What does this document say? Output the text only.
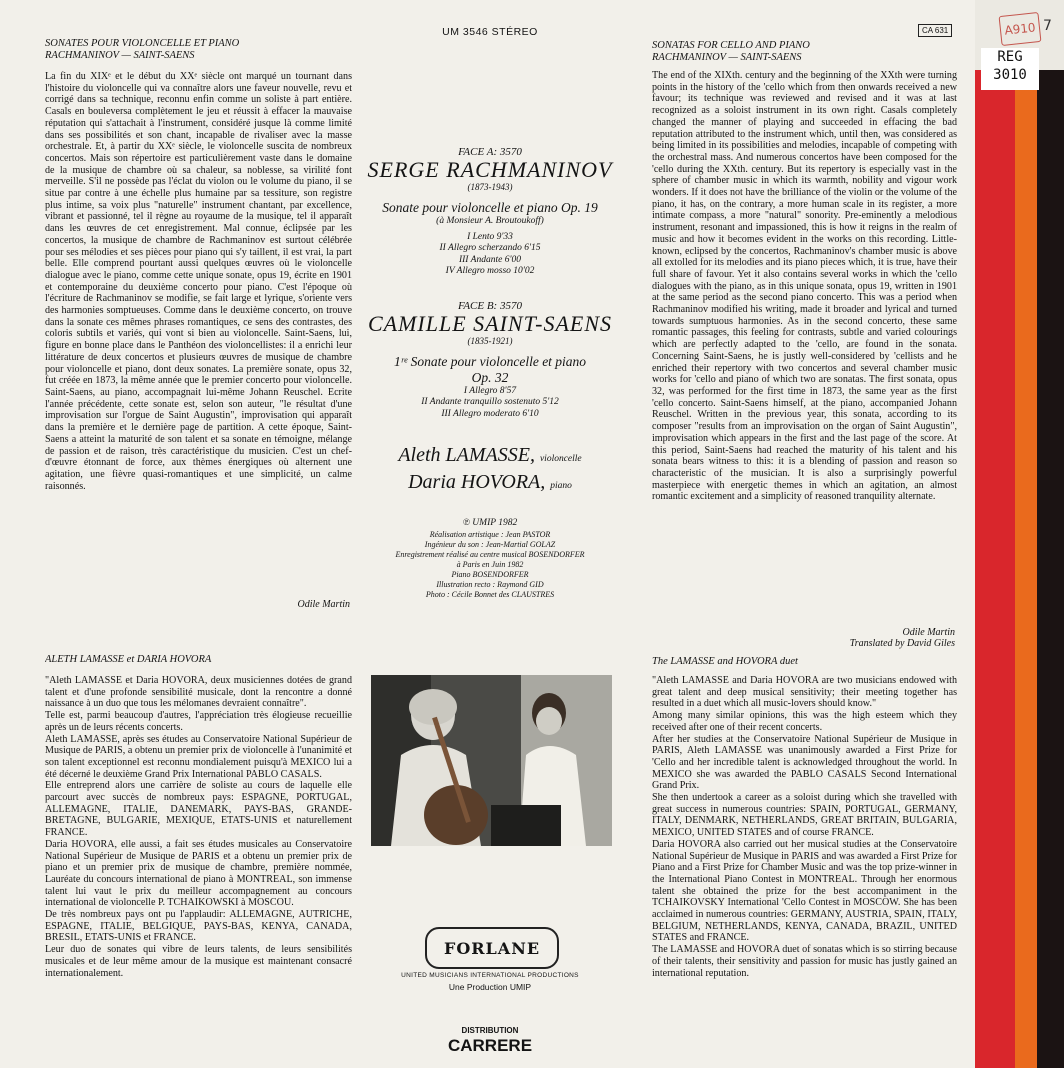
SONATES POUR VIOLONCELLE ET PIANO

RACHMANINOV — SAINT-SAENS

La fin du XIXᵉ et le début du XXᵉ siècle ont marqué un tournant dans l'histoire du violoncelle qui va connaître alors une faveur nouvelle, revu et corrigé dans sa technique, reconnu enfin comme un soliste à part entière. Casals en bouleversa complètement le jeu et réussit à effacer la mauvaise réputation qui s'attachait à l'instrument, considéré jusque là comme limité dans ses possibilités et son chant, incapable de rivaliser avec la masse orchestrale. Et, à partir du XXᵉ siècle, le violoncelle suscita de nombreux concertos. Mais son répertoire est particulièrement vaste dans le domaine de la musique de chambre où sa chaleur, sa noblesse, sa virilité font merveille. S'il ne possède pas l'éclat du violon ou le volume du piano, il se situe par contre à une échelle plus humaine par sa tessiture, son registre plus intime, sa voix plus "naturelle" instrument chantant, par excellence, vibrant et passionné, tel il règne au royaume de la musique, tel il apparaît dans les œuvres de cet enregistrement. Mal connue, éclipsée par les concertos, la musique de chambre de Rachmaninov est surtout célébrée pour ses mélodies et ses pièces pour piano qui s'y taillent, il est vrai, la part belle. Elle comprend pourtant aussi quelques œuvres où le violoncelle dialogue avec le piano, comme cette unique sonate, opus 19, écrite en 1901 et contemporaine du deuxième concerto pour piano. C'est l'époque où l'écriture de Rachmaninov se modifie, se fait large et lyrique, s'oriente vers des harmonies somptueuses. Comme dans le deuxième concerto, on trouve dans la sonate ces mêmes phrases romantiques, ce sens des contrastes, des coloris subtils et variés, qui vont si bien au violoncelle. Saint-Saens, lui, figure en bonne place dans le Panthéon des violoncellistes: il a enrichi leur littérature de deux concertos et plusieurs œuvres de musique de chambre pour violoncelle et piano, dont deux sonates. La première sonate, opus 32, fut créée en 1873, la même année que le premier concerto pour violoncelle. Saint-Saens, au piano, accompagnait lui-même Johann Reuschel. Ecrite l'année précédente, cette sonate est, selon son auteur, "le résultat d'une improvisation sur l'orgue de Saint Augustin", improvisation qui apparaît dans la première et le dernière page de partition. A cette époque, Saint-Saens a atteint la maturité de son talent et sa sonate en témoigne, mélange de passion et de raison, très caractéristique du musicien. C'est un chef-d'œuvre étonnant de force, aux thèmes énergiques où alternent une agitation, une fièvre quasi-romantiques et une simplicité, un calme raisonnés.

Odile Martin

ALETH LAMASSE et DARIA HOVORA

"Aleth LAMASSE et Daria HOVORA, deux musiciennes dotées de grand talent et d'une profonde sensibilité musicale, dont la rencontre a donné naissance à un duo que tous les mélomanes devraient connaître".

Telle est, parmi beaucoup d'autres, l'appréciation très élogieuse recueillie après un de leurs récents concerts.

Aleth LAMASSE, après ses études au Conservatoire National Supérieur de Musique de PARIS, a obtenu un premier prix de violoncelle à l'unanimité et son talent exceptionnel est reconnu mondialement puisqu'à MEXICO lui a été décerné le deuxième Grand Prix International PABLO CASALS.

Elle entreprend alors une carrière de soliste au cours de laquelle elle parcourt avec succès de nombreux pays: ESPAGNE, PORTUGAL, ALLEMAGNE, ITALIE, DANEMARK, PAYS-BAS, GRANDE-BRETAGNE, BULGARIE, MEXIQUE, ETATS-UNIS et naturellement FRANCE.

Daria HOVORA, elle aussi, a fait ses études musicales au Conservatoire National Supérieur de Musique de PARIS et a obtenu un premier prix de piano et un premier prix de musique de chambre, première nommée, Lauréate du concours international de piano à MONTREAL, son immense talent lui vaut le prix du meilleur accompagnement au concours international de violoncelle P. TCHAIKOWSKI à MOSCOU.

De très nombreux pays ont pu l'applaudir: ALLEMAGNE, AUTRICHE, ESPAGNE, ITALIE, BELGIQUE, PAYS-BAS, KENYA, CANADA, BRESIL, ETATS-UNIS et FRANCE.

Leur duo de sonates qui vibre de leurs talents, de leurs sensibilités musicales et de leur même amour de la musique est maintenant consacré internationalement.

UM 3546 STÉREO
FACE A: 3570
SERGE RACHMANINOV
(1873-1943)
Sonate pour violoncelle et piano Op. 19
(à Monsieur A. Broutoukoff)
I Lento 9'33
II Allegro scherzando 6'15
III Andante 6'00
IV Allegro mosso 10'02
FACE B: 3570
CAMILLE SAINT-SAENS
(1835-1921)
1ʳᵉ Sonate pour violoncelle et piano
Op. 32
I Allegro 8'57
II Andante tranquillo sostenuto 5'12
III Allegro moderato 6'10
Aleth LAMASSE, violoncelle
Daria HOVORA, piano
℗ UMIP 1982
Réalisation artistique : Jean PASTOR
Ingénieur du son : Jean-Martial GOLAZ
Enregistrement réalisé au centre musical BOSENDORFER
à Paris en Juin 1982
Piano BOSENDORFER
Illustration recto : Raymond GID
Photo : Cécile Bonnet des CLAUSTRES
FORLANE
UNITED MUSICIANS INTERNATIONAL PRODUCTIONS
Une Production UMIP
DISTRIBUTION
CARRERE
CA 631

SONATAS FOR CELLO AND PIANO

RACHMANINOV — SAINT-SAENS

The end of the XIXth. century and the beginning of the XXth were turning points in the history of the 'cello which from then onwards received a new favour; its technique was reviewed and revised and it was at last recognized as a soloist instrument in its own right. Casals completely changed the manner of playing and succeeded in effacing the bad reputation attributed to the instrument which, until then, was considered as being limited in its possibilities and melodies, incapable of competing with the orchestral mass. And numerous concertos have been composed for the 'cello during the XXth. century. But its repertory is especially vast in the sphere of chamber music in which its warmth, nobility and vigour work wonders. If it does not have the brilliance of the violin or the volume of the piano, it has, on the contrary, a more human scale in its register, a more intimate compass, a more "natural" sonority. Pre-eminently a melodious instrument, resonant and impassioned, this is how it reigns in the realm of music and how it becomes evident in the works on this recording. Little-known, eclipsed by the concertos, Rachmaninov's chamber music is above all extolled for its melodies and its piano pieces which, it is true, have their full share of favour. Yet it also contains several works in which the 'cello dialogues with the piano, as in this unique sonata, opus 19, written in 1901 at the same period as the second piano concerto. This was a period when Rachmaninov modified his writing, made it broader and lyrical and turned towards sumptuous harmonies. As in the second concerto, these same romantic passages, this feeling for contrasts, subtle and varied colourings which are perfectly adapted to the 'cello, are found in the sonata. Concerning Saint-Saens, he is justly well-considered by 'cellists and he enriched their repertory with two concertos and several chamber music works for 'cello and piano of which two are sonatas. The first sonata, opus 32, was performed for the first time in 1873, the same year as the first 'cello concerto. Saint-Saens himself, at the piano, accompanied Johann Reuschel. Written in the previous year, this sonata, according to its composer "results from an improvisation on the organ of Saint Augustin", improvisation which appears in the first and the last page of the score. At this period, Saint-Saens had reached the maturity of his talent and his sonata bears witness to this: it is a blending of passion and reason so characteristic of the musician. It is also a surprisingly powerful masterpiece with energetic themes in which an agitation, an almost romantic excitement and a simplicity of reasoned tranquility alternate.

Odile Martin
Translated by David Giles

The LAMASSE and HOVORA duet

"Aleth LAMASSE and Daria HOVORA are two musicians endowed with great talent and deep musical sensitivity; their meeting together has resulted in a duet which all music-lovers should know."

Among many similar opinions, this was the high esteem which they received after one of their recent concerts.

After her studies at the Conservatoire National Supérieur de Musique in PARIS, Aleth LAMASSE was unanimously awarded a First Prize for 'Cello and her incredible talent is acknowledged throughout the world. In MEXICO she was awarded the PABLO CASALS Second International Grand Prix.

She then undertook a career as a soloist during which she travelled with great success in numerous countries: SPAIN, PORTUGAL, GERMANY, ITALY, DENMARK, NETHERLANDS, GREAT BRITAIN, BULGARIA, MEXICO, UNITED STATES and of course FRANCE.

Daria HOVORA also carried out her musical studies at the Conservatoire National Supérieur de Musique in PARIS and was awarded a First Prize for Piano and a First Prize for Chamber Music and was the top prize-winner in the International Piano Contest in MONTREAL. Through her enormous talent she obtained the prize for the best accompaniment in the TCHAIKOVSKY International 'Cello Contest in MOSCOW. She has been acclaimed in numerous countries: GERMANY, AUSTRIA, SPAIN, ITALY, BELGIUM, NETHERLANDS, KENYA, CANADA, BRAZIL, UNITED STATES and FRANCE.

The LAMASSE and HOVORA duet of sonatas which is so stirring because of their talents, their sensitivity and passion for music has justly gained an international reputation.

A910 7
REG
3010
